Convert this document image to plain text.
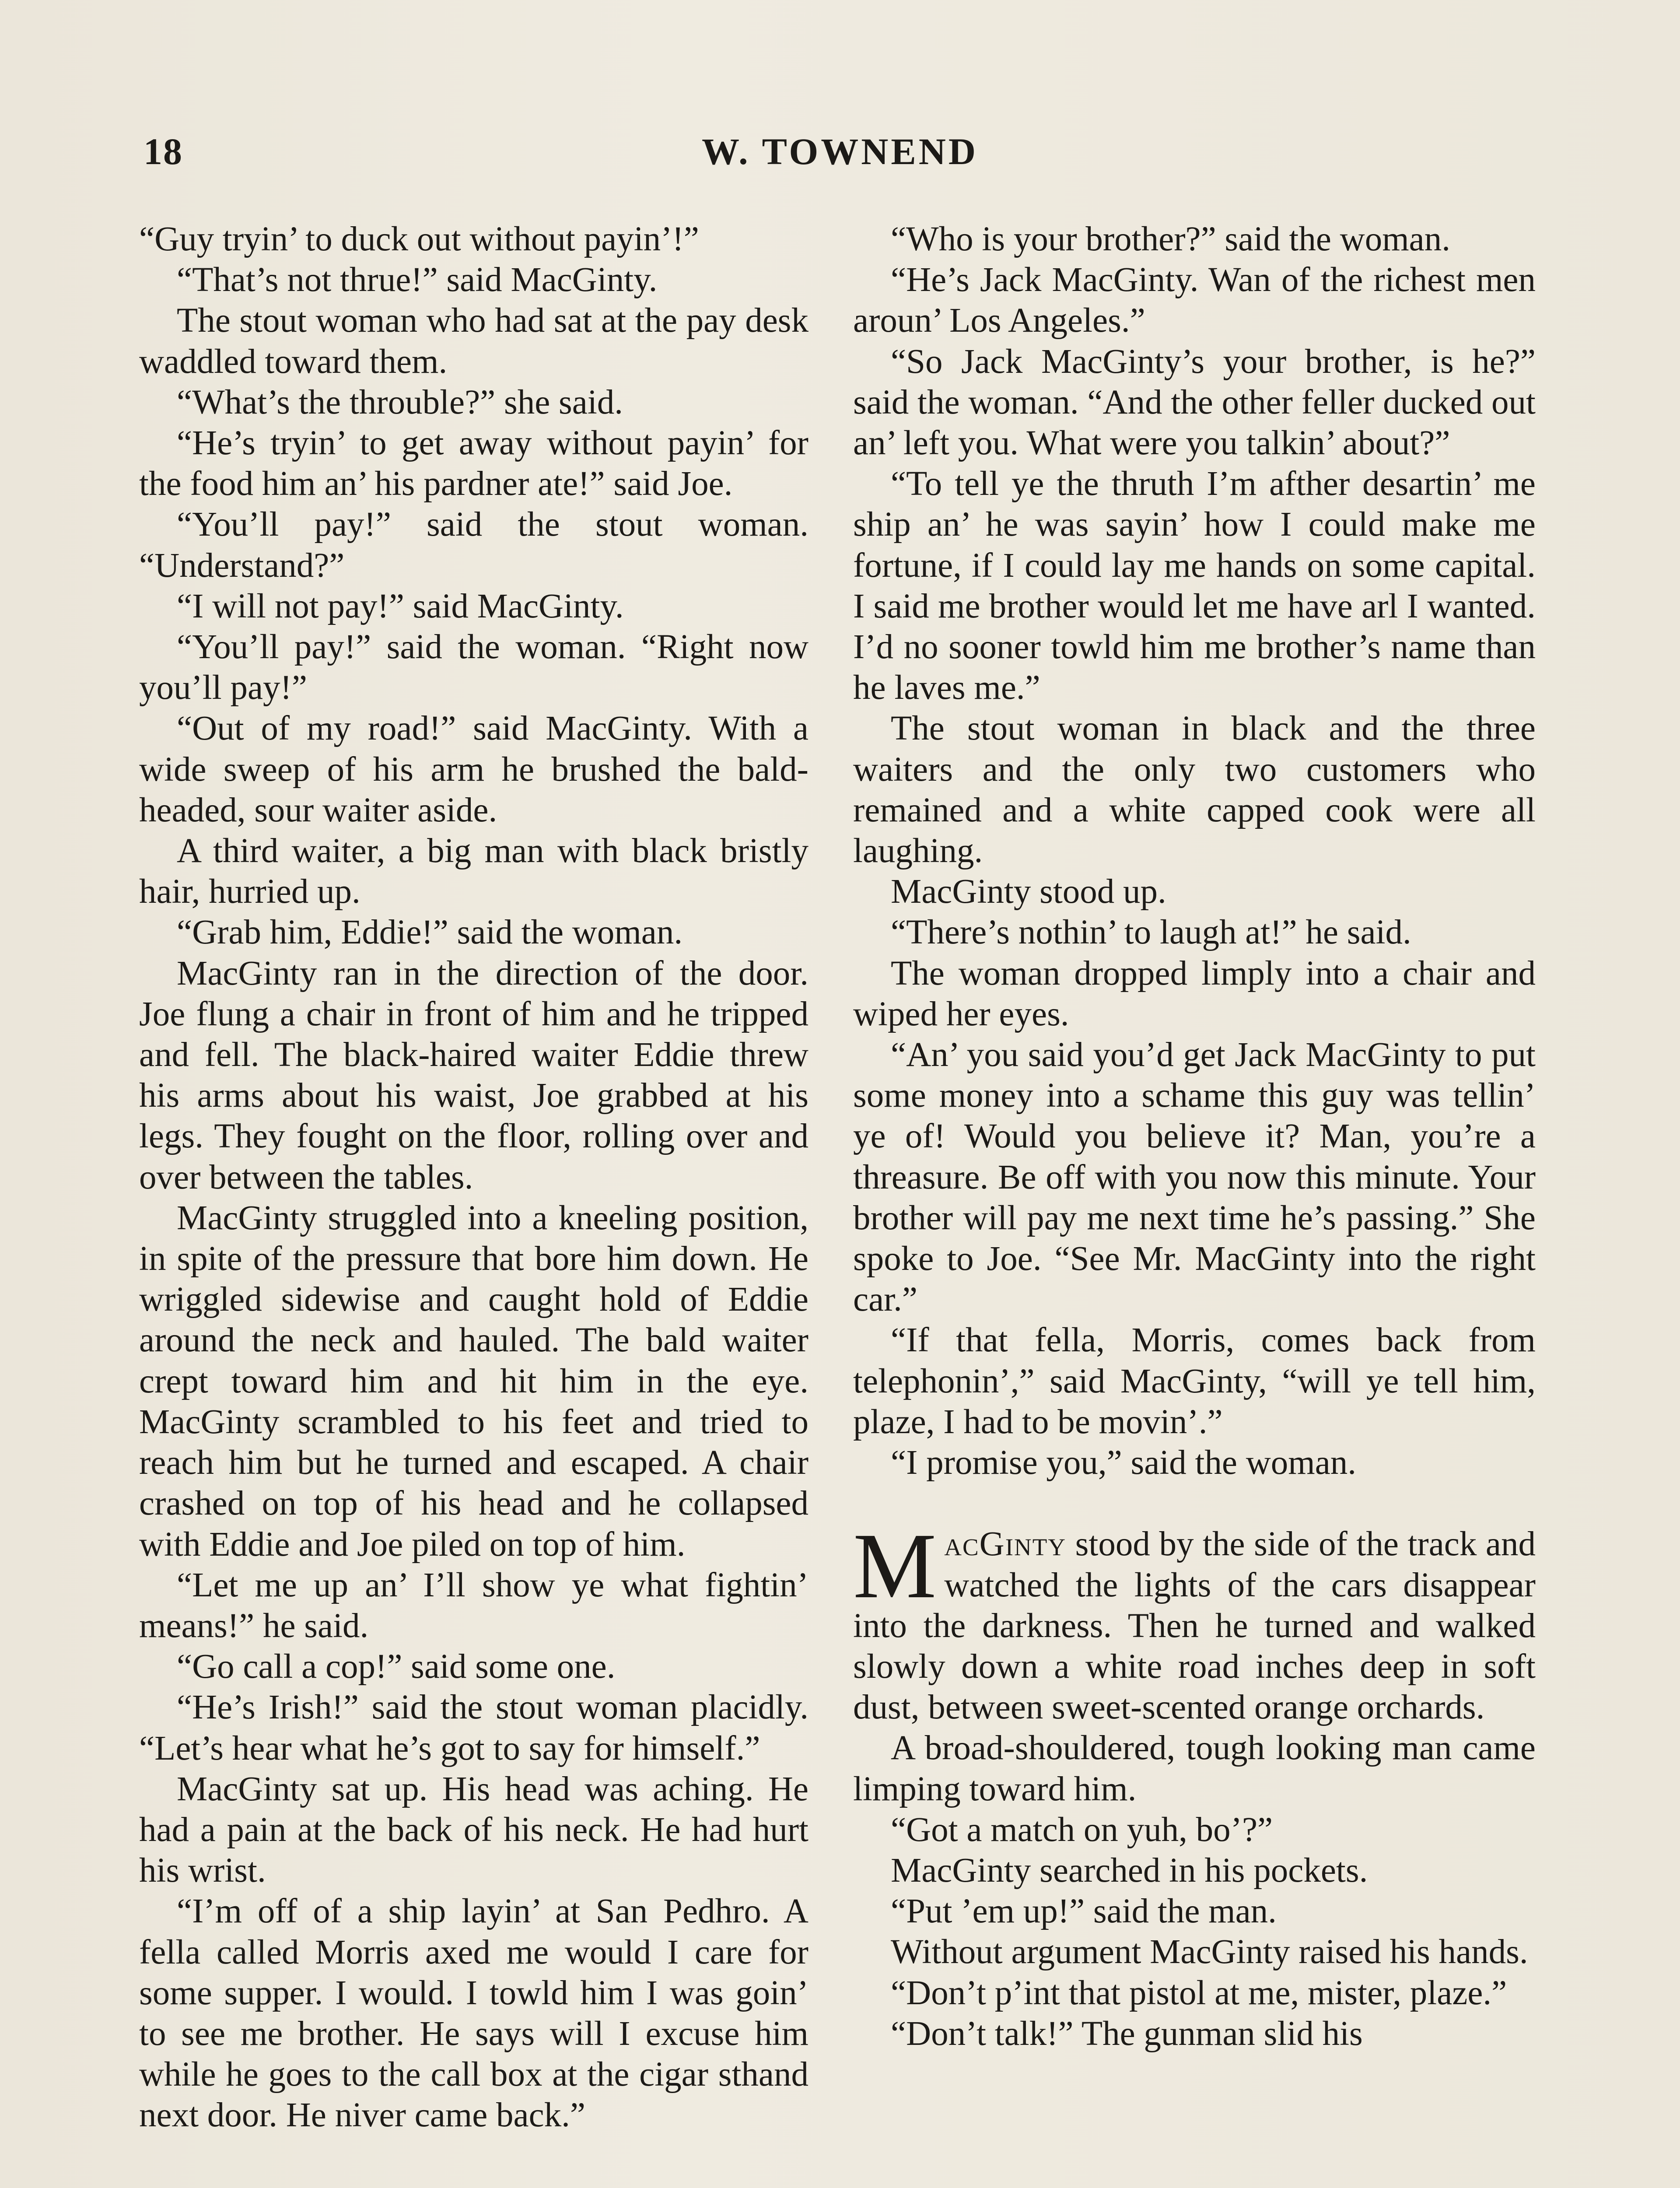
18	W. TOWNEND

“Guy tryin’ to duck out without payin’!”

“That’s not thrue!” said MacGinty.

The stout woman who had sat at the pay desk waddled toward them.

“What’s the throuble?” she said.

“He’s tryin’ to get away without payin’ for the food him an’ his pardner ate!” said Joe.

“You’ll pay!” said the stout woman. “Understand?”

“I will not pay!” said MacGinty.

“You’ll pay!” said the woman. “Right now you’ll pay!”

“Out of my road!” said MacGinty. With a wide sweep of his arm he brushed the bald-headed, sour waiter aside.

A third waiter, a big man with black bristly hair, hurried up.

“Grab him, Eddie!” said the woman.

MacGinty ran in the direction of the door. Joe flung a chair in front of him and he tripped and fell. The black-haired waiter Eddie threw his arms about his waist, Joe grabbed at his legs. They fought on the floor, rolling over and over between the tables.

MacGinty struggled into a kneeling position, in spite of the pressure that bore him down. He wriggled sidewise and caught hold of Eddie around the neck and hauled. The bald waiter crept toward him and hit him in the eye. MacGinty scrambled to his feet and tried to reach him but he turned and escaped. A chair crashed on top of his head and he collapsed with Eddie and Joe piled on top of him.

“Let me up an’ I’ll show ye what fightin’ means!” he said.

“Go call a cop!” said some one.

“He’s Irish!” said the stout woman placidly. “Let’s hear what he’s got to say for himself.”

MacGinty sat up. His head was aching. He had a pain at the back of his neck. He had hurt his wrist.

“I’m off of a ship layin’ at San Pedhro. A fella called Morris axed me would I care for some supper. I would. I towld him I was goin’ to see me brother. He says will I excuse him while he goes to the call box at the cigar sthand next door. He niver came back.”

“Who is your brother?” said the woman.

“He’s Jack MacGinty. Wan of the richest men aroun’ Los Angeles.”

“So Jack MacGinty’s your brother, is he?” said the woman. “And the other feller ducked out an’ left you. What were you talkin’ about?”

“To tell ye the thruth I’m afther desartin’ me ship an’ he was sayin’ how I could make me fortune, if I could lay me hands on some capital. I said me brother would let me have arl I wanted. I’d no sooner towld him me brother’s name than he laves me.”

The stout woman in black and the three waiters and the only two customers who remained and a white capped cook were all laughing.

MacGinty stood up.

“There’s nothin’ to laugh at!” he said.

The woman dropped limply into a chair and wiped her eyes.

“An’ you said you’d get Jack MacGinty to put some money into a schame this guy was tellin’ ye of! Would you believe it? Man, you’re a threasure. Be off with you now this minute. Your brother will pay me next time he’s passing.” She spoke to Joe. “See Mr. MacGinty into the right car.”

“If that fella, Morris, comes back from telephonin’,” said MacGinty, “will ye tell him, plaze, I had to be movin’.”

“I promise you,” said the woman.

MacGinty stood by the side of the track and watched the lights of the cars disappear into the darkness. Then he turned and walked slowly down a white road inches deep in soft dust, between sweet-scented orange orchards.

A broad-shouldered, tough looking man came limping toward him.

“Got a match on yuh, bo’?”

MacGinty searched in his pockets.

“Put ’em up!” said the man.

Without argument MacGinty raised his hands.

“Don’t p’int that pistol at me, mister, plaze.”

“Don’t talk!” The gunman slid his
